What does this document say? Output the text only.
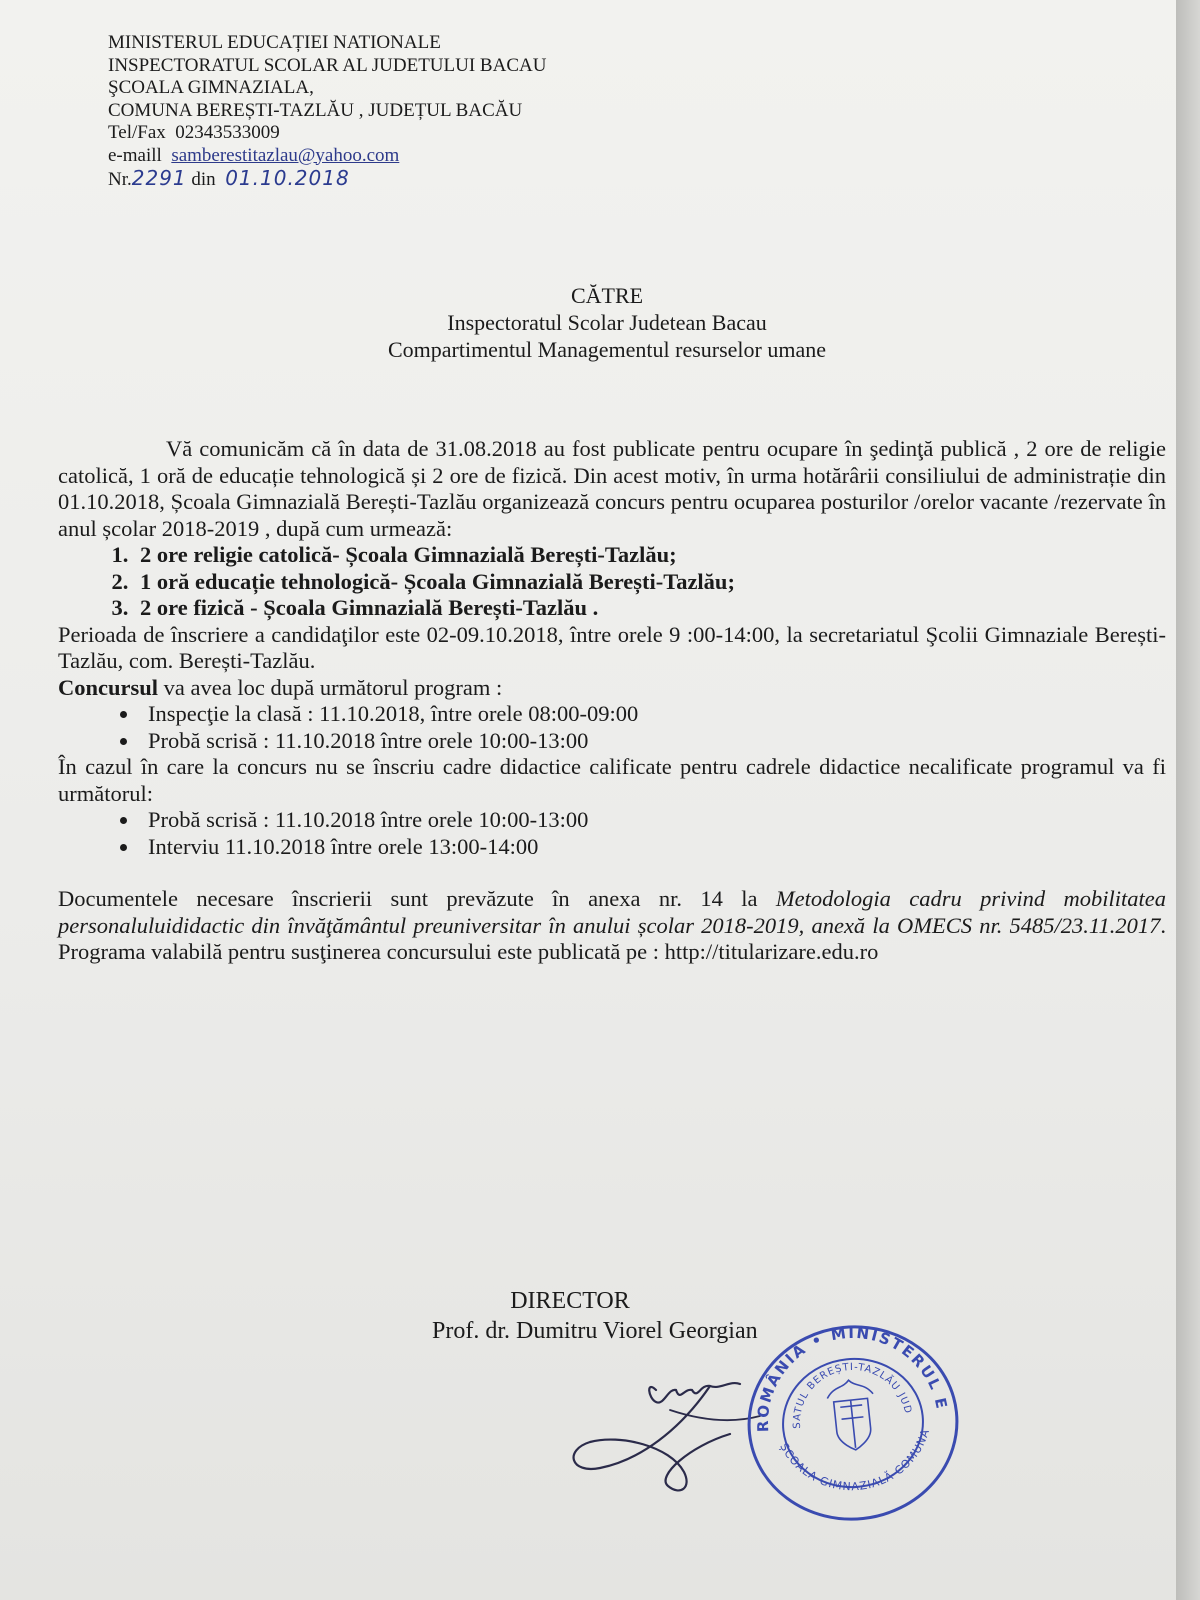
MINISTERUL EDUCAȚIEI NATIONALE
INSPECTORATUL SCOLAR AL JUDETULUI BACAU
ŞCOALA GIMNAZIALA,
COMUNA BEREȘTI-TAZLĂU , JUDEȚUL BACĂU
Tel/Fax 02343533009
e-maill samberestitazlau@yahoo.com
Nr.2291 din 01.10.2018
CĂTRE
Inspectoratul Scolar Judetean Bacau
Compartimentul Managementul resurselor umane

Vă comunicăm că în data de 31.08.2018 au fost publicate pentru ocupare în şedinţă publică , 2 ore de religie catolică, 1 oră de educație tehnologică și 2 ore de fizică. Din acest motiv, în urma hotărârii consiliului de administrație din 01.10.2018, Școala Gimnazială Berești-Tazlău organizează concurs pentru ocuparea posturilor /orelor vacante /rezervate în anul școlar 2018-2019 , după cum urmează:

1. 2 ore religie catolică- Școala Gimnazială Berești-Tazlău;
2. 1 oră educație tehnologică- Școala Gimnazială Berești-Tazlău;
3. 2 ore fizică - Școala Gimnazială Berești-Tazlău .

Perioada de înscriere a candidaţilor este 02-09.10.2018, între orele 9 :00-14:00, la secretariatul Şcolii Gimnaziale Berești-Tazlău, com. Berești-Tazlău.

Concursul va avea loc după următorul program :

• Inspecţie la clasă : 11.10.2018, între orele 08:00-09:00
• Probă scrisă : 11.10.2018 între orele 10:00-13:00

În cazul în care la concurs nu se înscriu cadre didactice calificate pentru cadrele didactice necalificate programul va fi următorul:

• Probă scrisă : 11.10.2018 între orele 10:00-13:00
• Interviu 11.10.2018 între orele 13:00-14:00

Documentele necesare înscrierii sunt prevăzute în anexa nr. 14 la Metodologia cadru privind mobilitatea personaluluididactic din învăţământul preuniversitar în anului școlar 2018-2019, anexă la OMECS nr. 5485/23.11.2017. Programa valabilă pentru susţinerea concursului este publicată pe : http://titularizare.edu.ro

DIRECTOR
Prof. dr. Dumitru Viorel Georgian
ROMÂNIA • MINISTERUL EDUCAȚIEI
SATUL BEREȘTI-TAZLĂU JUDEȚUL
ȘCOALA GIMNAZIALĂ COMUNA
